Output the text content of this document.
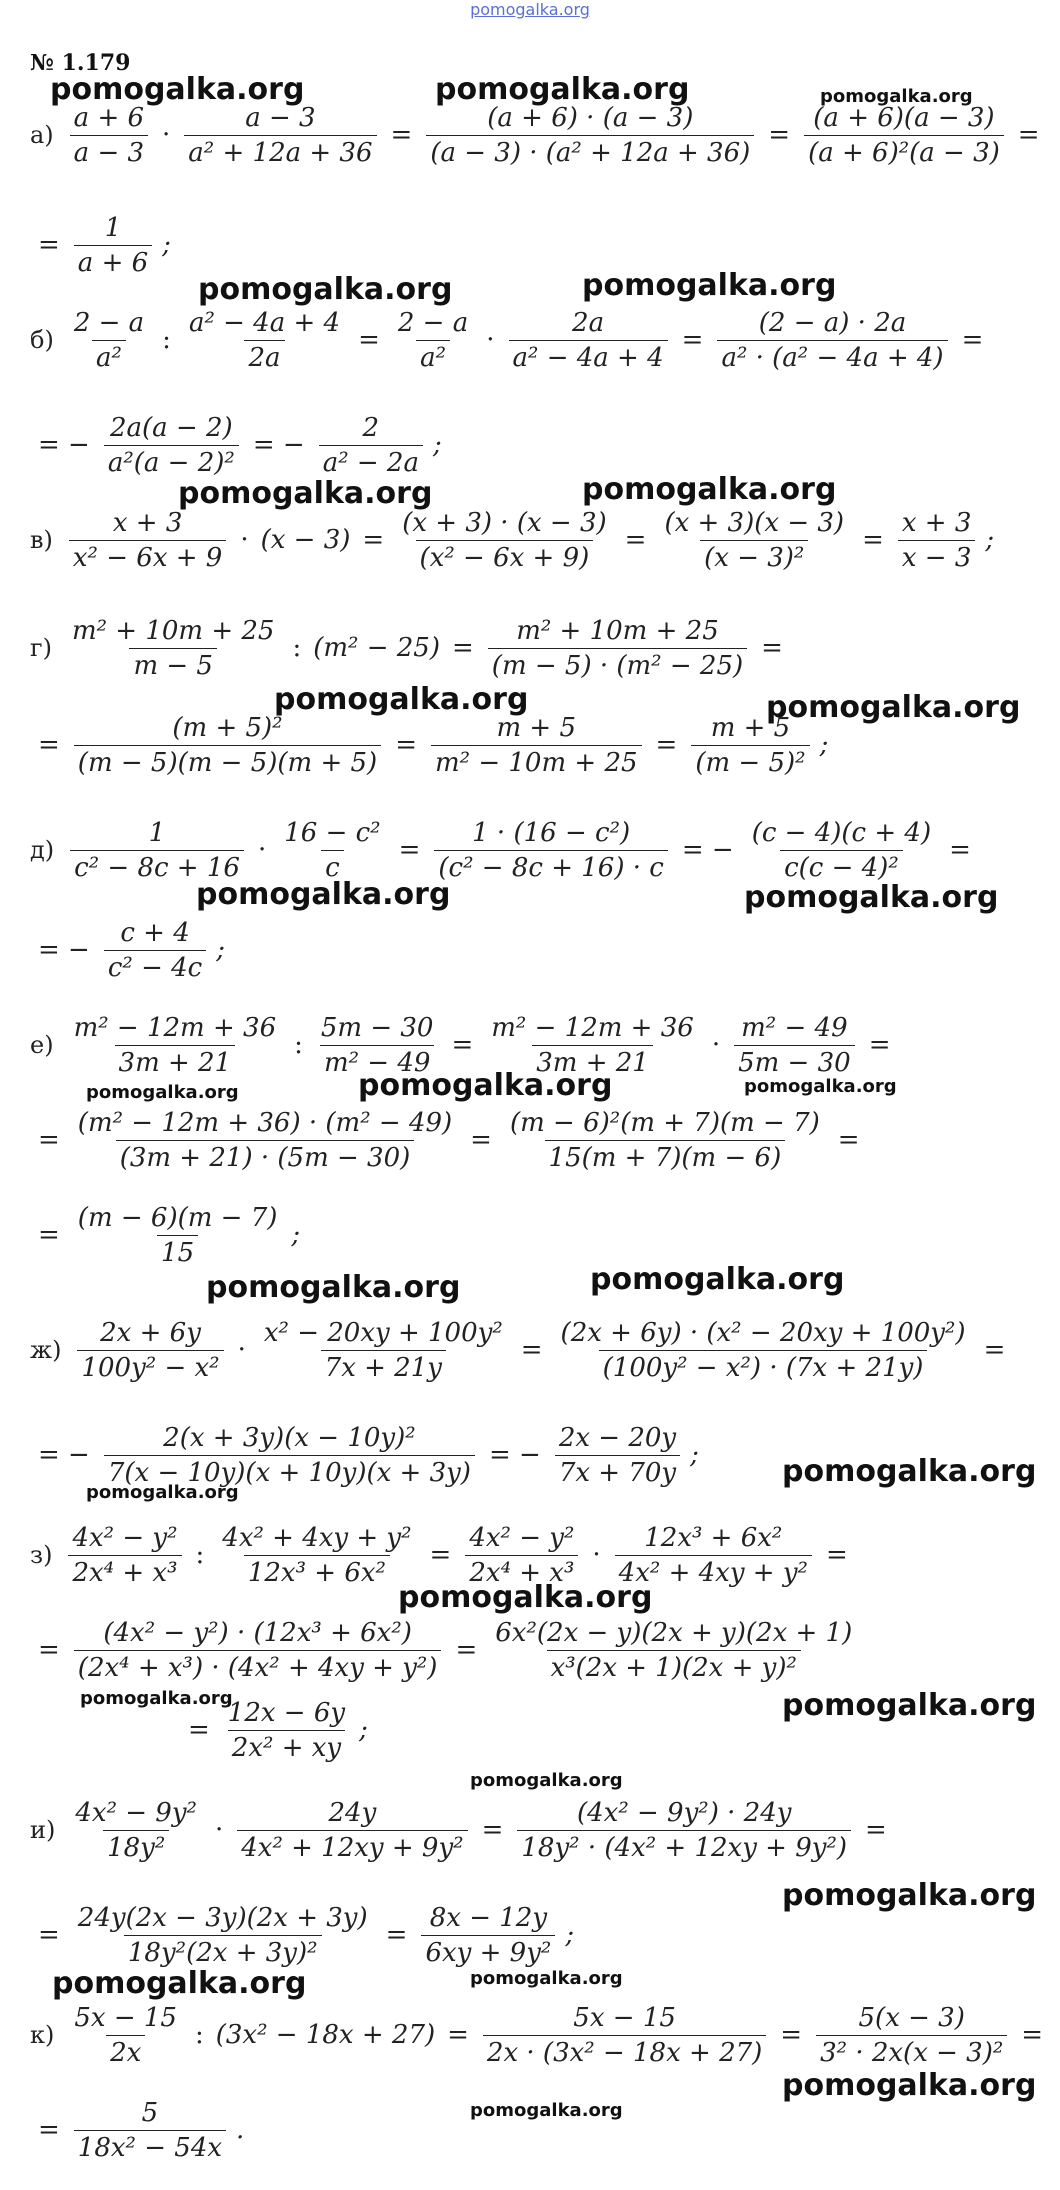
pomogalka.org
№ 1.179
pomogalka.org	pomogalka.org	pomogalka.org
pomogalka.org	pomogalka.org
pomogalka.org	pomogalka.org
pomogalka.org	pomogalka.org
pomogalka.org	pomogalka.org
pomogalka.org	pomogalka.org	pomogalka.org
pomogalka.org	pomogalka.org
pomogalka.org
pomogalka.org
pomogalka.org
pomogalka.org	pomogalka.org
pomogalka.org
pomogalka.org
pomogalka.org	pomogalka.org
pomogalka.org
pomogalka.org
$а) \frac{a + 6}{a - 3} \cdot \frac{a - 3}{\text{a² + 12a + 36}} = \frac{(a + 6) \cdot (a - 3)}{\text{(a − 3) · (a² + 12a + 36)}} = \frac{(a + 6)(a - 3)}{\text{(a + 6)²(a − 3)}}$ =
= $\frac{1}{a + 6}$ ;
$б) \frac{2 - a}{\text{a²}}$ : $\frac{\text{a² − 4a + 4}}{2a} = \frac{2 - a}{\text{a²}} \cdot \frac{2a}{\text{a² − 4a + 4}} = \frac{(2 - a) \cdot 2a}{\text{a² · (a² − 4a + 4)}}$ =
= − $\frac{2a(a - 2)}{\text{a²(a − 2)²}}$ = − $\frac{2}{\text{a² − 2a}}$ ;
$в) \frac{x + 3}{\text{x² − 6x + 9}} \cdot (x - 3) = \frac{(x + 3) \cdot (x - 3)}{\text{(x² − 6x + 9)}} = \frac{(x + 3)(x - 3)}{\text{(x − 3)²}} = \frac{x + 3}{x - 3}$ ;
$г) \frac{\text{m² + 10m + 25}}{m - 5}$ : $(m^2 - 25) = \frac{\text{m² + 10m + 25}}{\text{(m − 5) · (m² − 25)}}$ =
= $\frac{\text{(m + 5)²}}{(m - 5)(m - 5)(m + 5)} = \frac{m + 5}{\text{m² − 10m + 25}} = \frac{m + 5}{\text{(m − 5)²}}$ ;
$д) \frac{1}{\text{c² − 8c + 16}} \cdot \frac{\text{16 − c²}}{c} = \frac{\text{1 · (16 − c²)}}{\text{(c² − 8c + 16) · c}}$ = − $\frac{(c - 4)(c + 4)}{\text{c(c − 4)²}}$ =
= − $\frac{c + 4}{\text{c² − 4c}}$ ;
$е) \frac{\text{m² − 12m + 36}}{3m + 21}$ : $\frac{5m - 30}{\text{m² − 49}} = \frac{\text{m² − 12m + 36}}{3m + 21} \cdot \frac{\text{m² − 49}}{5m - 30}$ =
= $\frac{\text{(m² − 12m + 36) · (m² − 49)}}{(3m + 21) \cdot (5m - 30)} = \frac{\text{(m − 6)²(m + 7)(m − 7)}}{15(m + 7)(m - 6)}$ =
= $\frac{(m - 6)(m - 7)}{15}$ ;
$ж) \frac{2x + 6y}{\text{100y² − x²}} \cdot \frac{\text{x² − 20xy + 100y²}}{7x + 21y} = \frac{\text{(2x + 6y) · (x² − 20xy + 100y²)}}{\text{(100y² − x²) · (7x + 21y)}}$ =
= − $\frac{\text{2(x + 3y)(x − 10y)²}}{7(x - 10y)(x + 10y)(x + 3y)}$ = − $\frac{2x - 20y}{7x + 70y}$ ;
$з) \frac{\text{4x² − y²}}{\text{2x⁴ + x³}}$ : $\frac{\text{4x² + 4xy + y²}}{\text{12x³ + 6x²}} = \frac{\text{4x² − y²}}{\text{2x⁴ + x³}} \cdot \frac{\text{12x³ + 6x²}}{\text{4x² + 4xy + y²}}$ =
= $\frac{\text{(4x² − y²) · (12x³ + 6x²)}}{\text{(2x⁴ + x³) · (4x² + 4xy + y²)}} = \frac{\text{6x²(2x − y)(2x + y)(2x + 1)}}{\text{x³(2x + 1)(2x + y)²}}$
= $\frac{12x - 6y}{\text{2x² + xy}}$ ;
$и) \frac{\text{4x² − 9y²}}{\text{18y²}} \cdot \frac{24y}{\text{4x² + 12xy + 9y²}} = \frac{\text{(4x² − 9y²) · 24y}}{\text{18y² · (4x² + 12xy + 9y²)}}$ =
= $\frac{24y(2x - 3y)(2x + 3y)}{\text{18y²(2x + 3y)²}} = \frac{8x - 12y}{\text{6xy + 9y²}}$ ;
$к) \frac{5x - 15}{2x}$ : $(3x^2 - 18x + 27) = \frac{5x - 15}{\text{2x · (3x² − 18x + 27)}} = \frac{5(x - 3)}{\text{3² · 2x(x − 3)²}}$ =
= $\frac{5}{\text{18x² − 54x}}$ .
